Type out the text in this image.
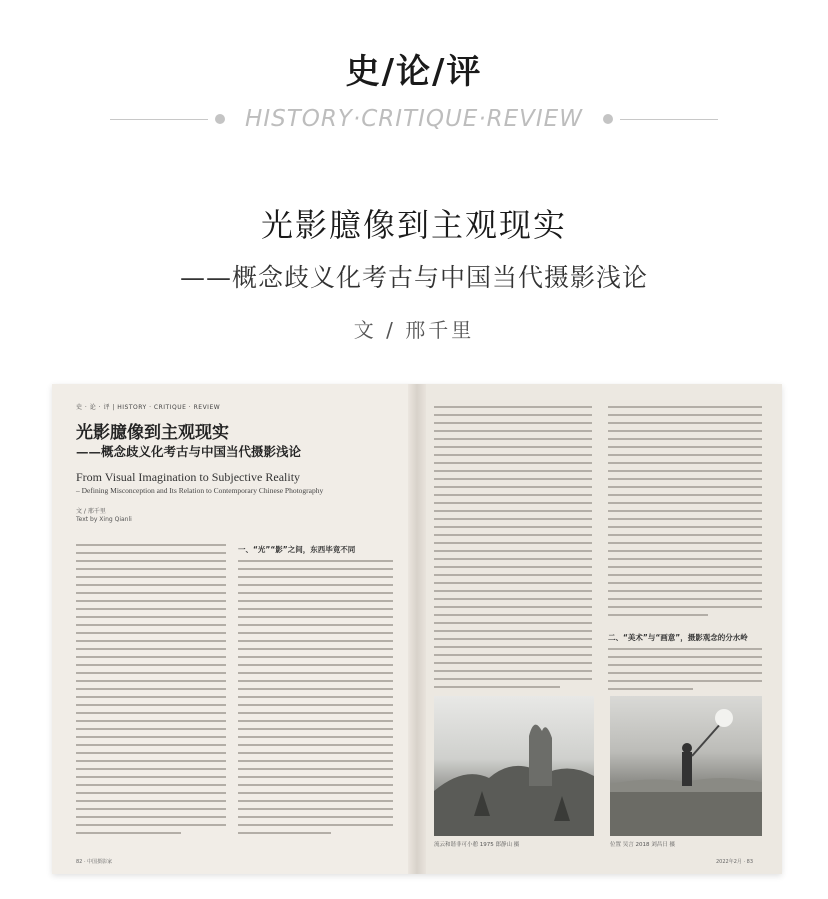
史/论/评
HISTORY·CRITIQUE·REVIEW
光影臆像到主观现实
——概念歧义化考古与中国当代摄影浅论
文 / 邢千里
史 · 论 · 评 | HISTORY · CRITIQUE · REVIEW
光影臆像到主观现实
——概念歧义化考古与中国当代摄影浅论
From Visual Imagination to Subjective Reality
– Defining Misconception and Its Relation to Contemporary Chinese Photography
文 / 邢千里
Text by Xing Qianli
一、“光”“影”之间，东西毕竟不同
二、“美术”与“画意”，摄影观念的分水岭
流云和谐非可小憩 1975 郎静山 摄	位置 吴言 2018 刘昌日 摄
82 · 中国摄影家	2022年2月 · 83
